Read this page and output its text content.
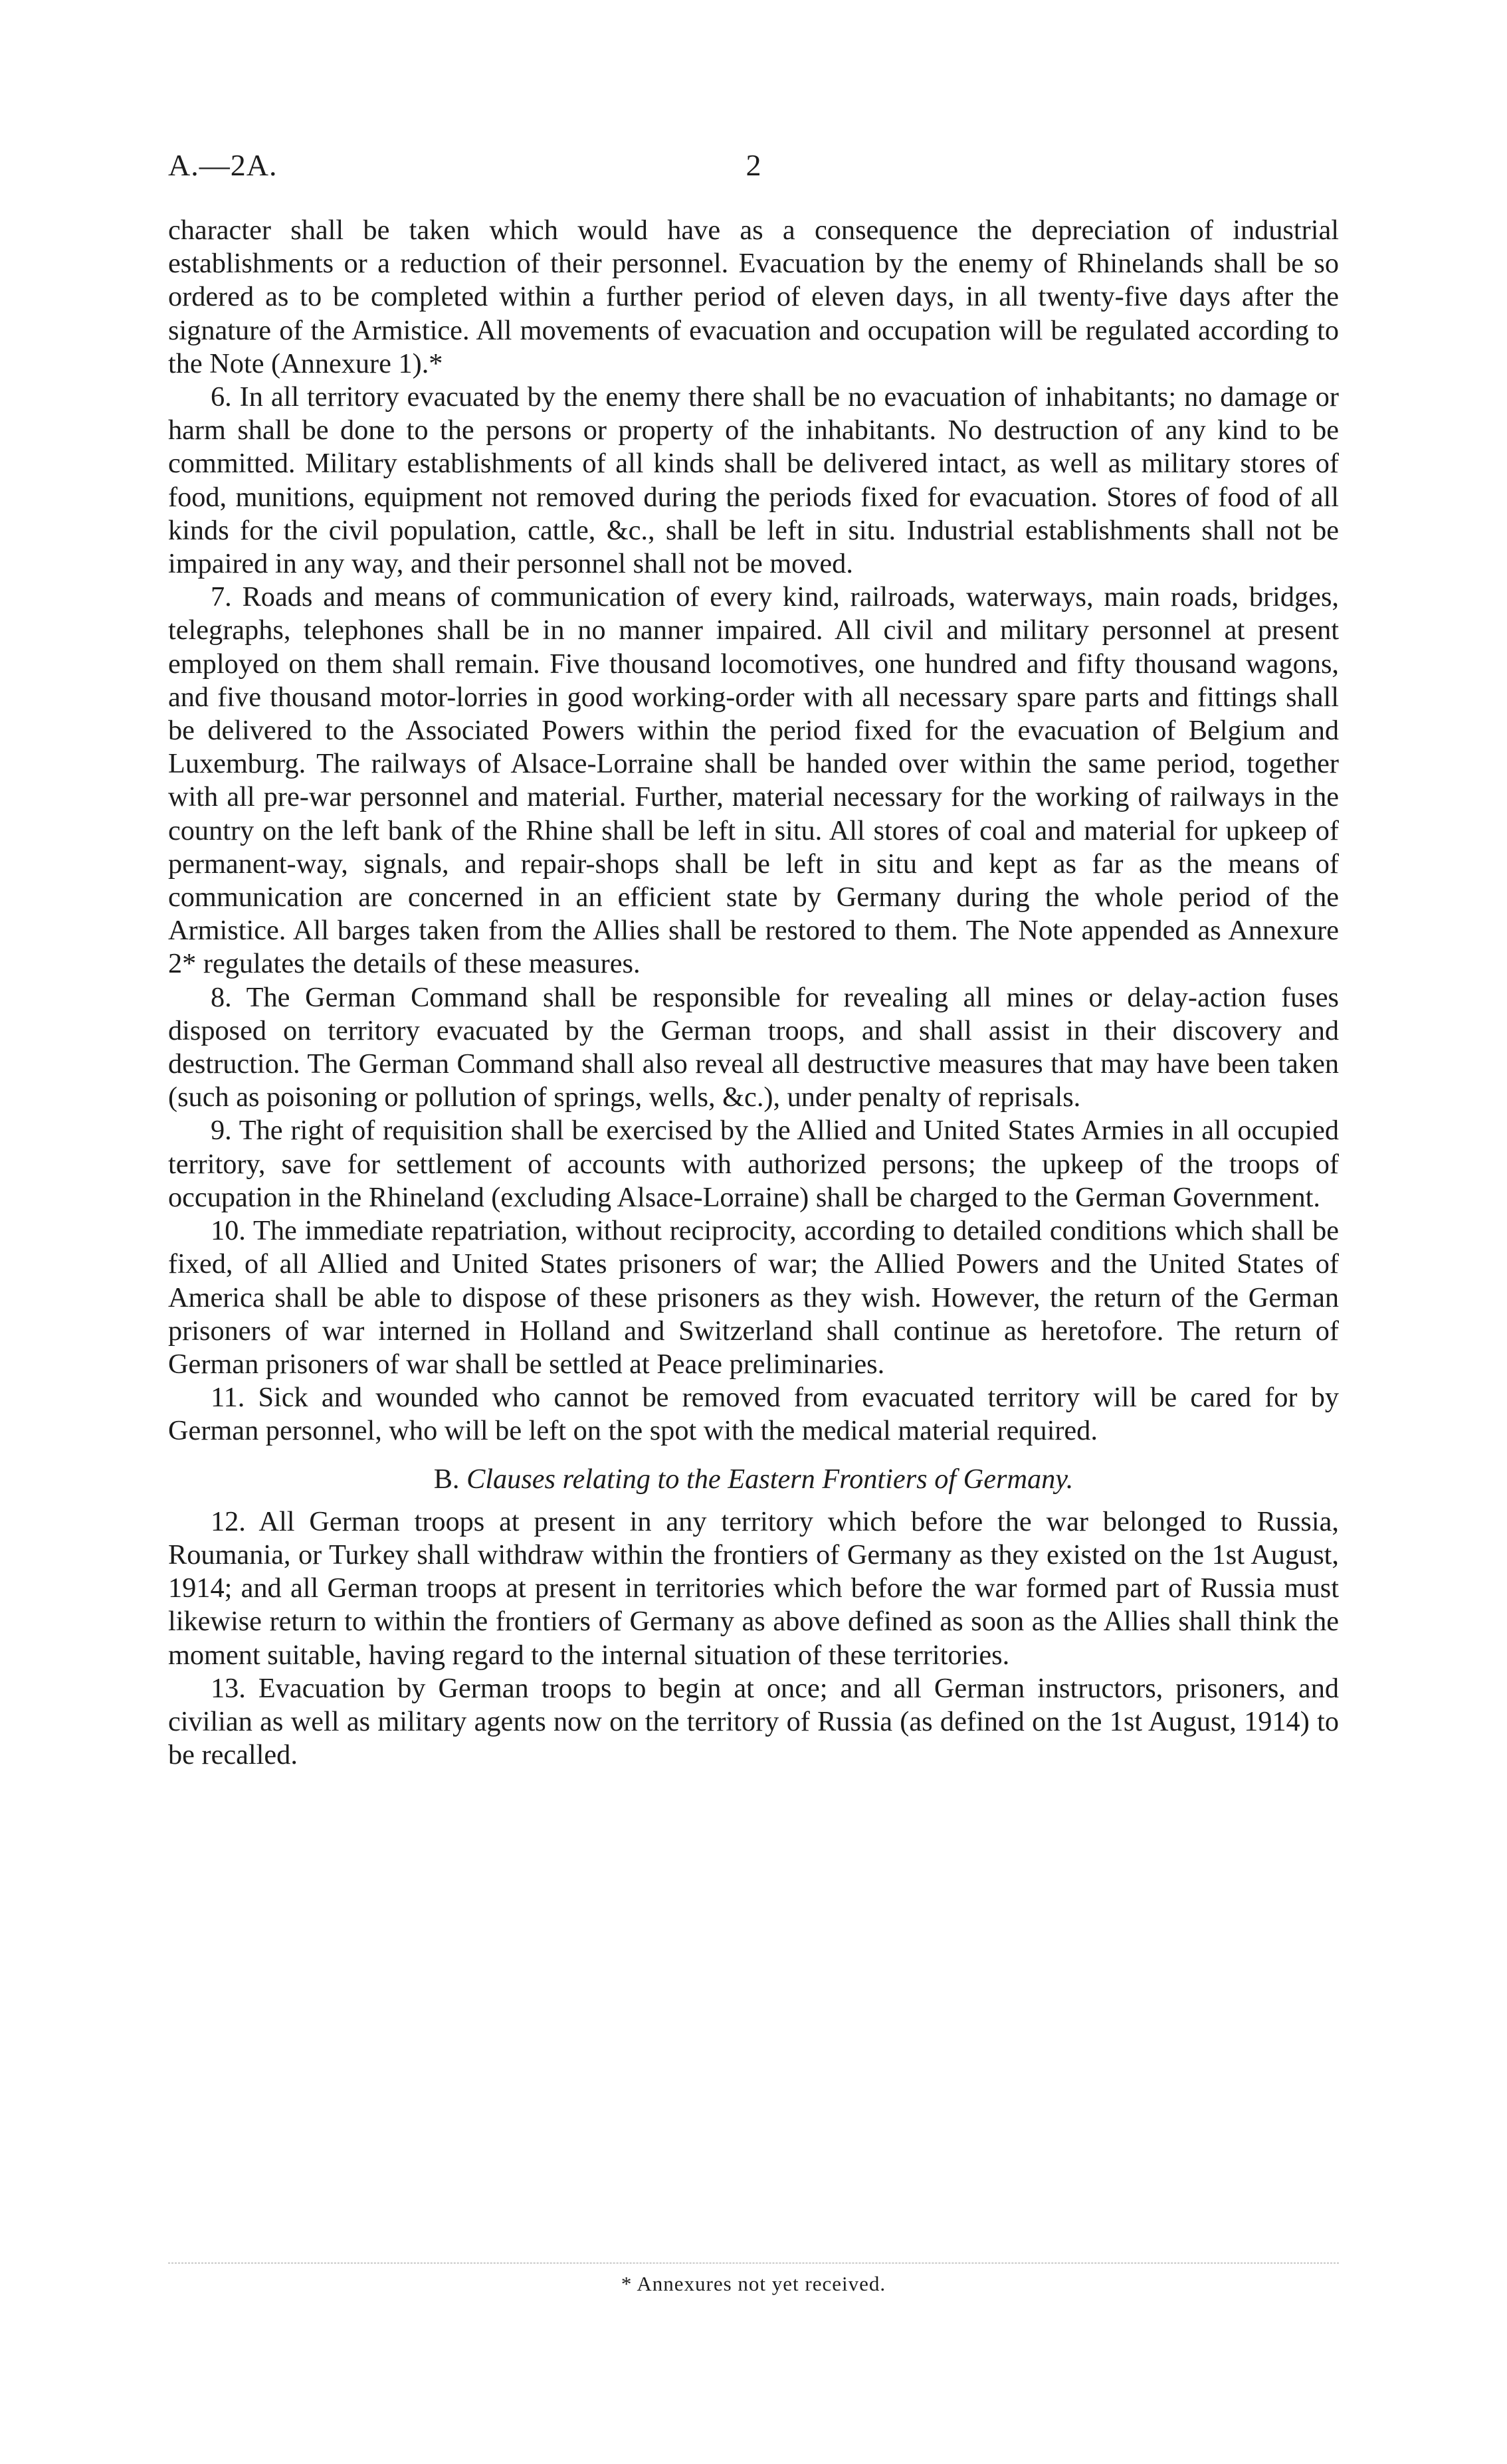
A.—2A.	2

character shall be taken which would have as a consequence the depreciation of industrial establishments or a reduction of their personnel. Evacuation by the enemy of Rhinelands shall be so ordered as to be completed within a further period of eleven days, in all twenty-five days after the signature of the Armistice. All movements of evacuation and occupation will be regulated according to the Note (Annexure 1).*

6. In all territory evacuated by the enemy there shall be no evacuation of inhabitants; no damage or harm shall be done to the persons or property of the inhabitants. No destruction of any kind to be committed. Military establishments of all kinds shall be delivered intact, as well as military stores of food, munitions, equipment not removed during the periods fixed for evacuation. Stores of food of all kinds for the civil population, cattle, &c., shall be left in situ. Industrial establishments shall not be impaired in any way, and their personnel shall not be moved.

7. Roads and means of communication of every kind, railroads, waterways, main roads, bridges, telegraphs, telephones shall be in no manner impaired. All civil and military personnel at present employed on them shall remain. Five thousand locomotives, one hundred and fifty thousand wagons, and five thousand motor-lorries in good working-order with all necessary spare parts and fittings shall be delivered to the Associated Powers within the period fixed for the evacuation of Belgium and Luxemburg. The railways of Alsace-Lorraine shall be handed over within the same period, together with all pre-war personnel and material. Further, material necessary for the working of railways in the country on the left bank of the Rhine shall be left in situ. All stores of coal and material for upkeep of permanent-way, signals, and repair-shops shall be left in situ and kept as far as the means of communication are concerned in an efficient state by Germany during the whole period of the Armistice. All barges taken from the Allies shall be restored to them. The Note appended as Annexure 2* regulates the details of these measures.

8. The German Command shall be responsible for revealing all mines or delay-action fuses disposed on territory evacuated by the German troops, and shall assist in their discovery and destruction. The German Command shall also reveal all destructive measures that may have been taken (such as poisoning or pollution of springs, wells, &c.), under penalty of reprisals.

9. The right of requisition shall be exercised by the Allied and United States Armies in all occupied territory, save for settlement of accounts with authorized persons; the upkeep of the troops of occupation in the Rhineland (excluding Alsace-Lorraine) shall be charged to the German Government.

10. The immediate repatriation, without reciprocity, according to detailed conditions which shall be fixed, of all Allied and United States prisoners of war; the Allied Powers and the United States of America shall be able to dispose of these prisoners as they wish. However, the return of the German prisoners of war interned in Holland and Switzerland shall continue as heretofore. The return of German prisoners of war shall be settled at Peace preliminaries.

11. Sick and wounded who cannot be removed from evacuated territory will be cared for by German personnel, who will be left on the spot with the medical material required.

B. Clauses relating to the Eastern Frontiers of Germany.

12. All German troops at present in any territory which before the war belonged to Russia, Roumania, or Turkey shall withdraw within the frontiers of Germany as they existed on the 1st August, 1914; and all German troops at present in territories which before the war formed part of Russia must likewise return to within the frontiers of Germany as above defined as soon as the Allies shall think the moment suitable, having regard to the internal situation of these territories.

13. Evacuation by German troops to begin at once; and all German instructors, prisoners, and civilian as well as military agents now on the territory of Russia (as defined on the 1st August, 1914) to be recalled.

* Annexures not yet received.
